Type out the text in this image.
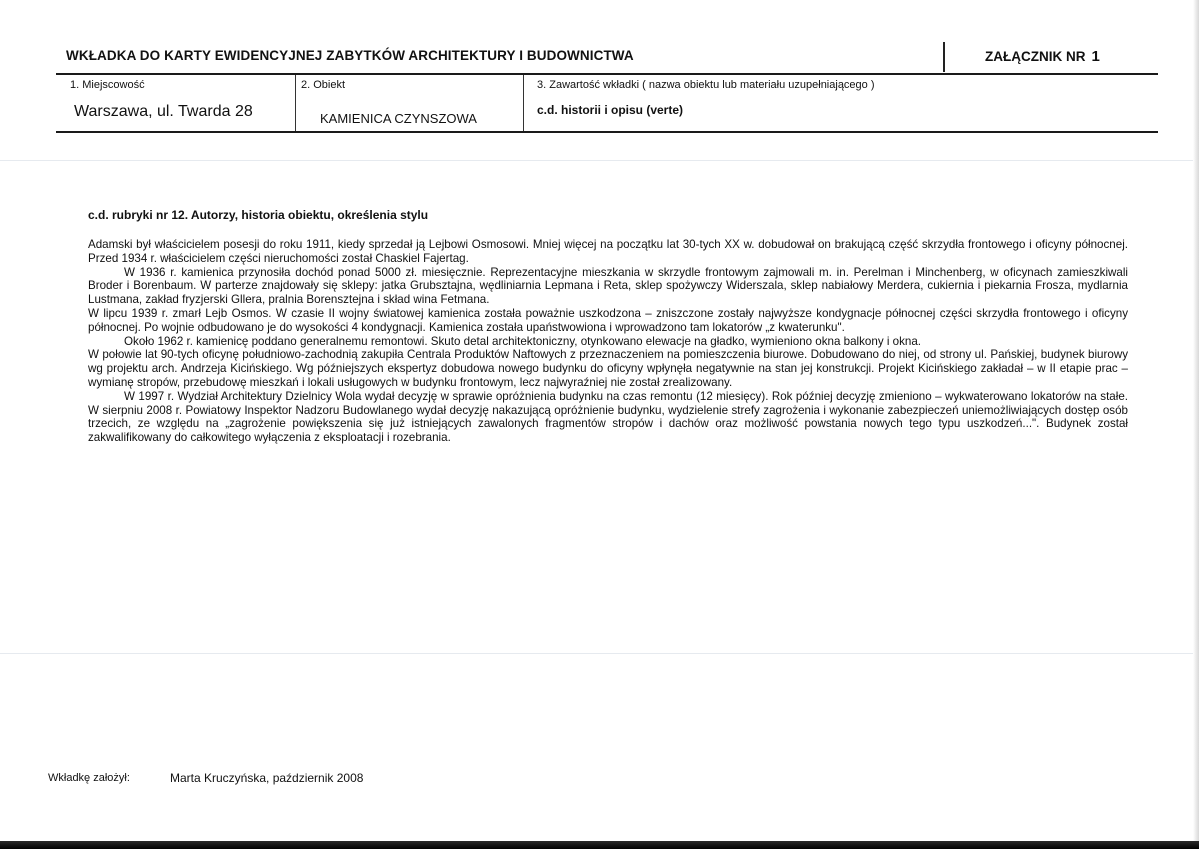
WKŁADKA DO KARTY EWIDENCYJNEJ ZABYTKÓW ARCHITEKTURY I BUDOWNICTWA	ZAŁĄCZNIK NR 1
1. Miejscowość
Warszawa, ul. Twarda 28
2. Obiekt
KAMIENICA CZYNSZOWA
3. Zawartość wkładki ( nazwa obiektu lub materiału uzupełniającego )
c.d. historii i opisu (verte)
c.d. rubryki nr 12. Autorzy, historia obiektu, określenia stylu

Adamski był właścicielem posesji do roku 1911, kiedy sprzedał ją Lejbowi Osmosowi. Mniej więcej na początku lat 30-tych XX w. dobudował on brakującą część skrzydła frontowego i oficyny północnej. Przed 1934 r. właścicielem części nieruchomości został Chaskiel Fajertag.

W 1936 r. kamienica przynosiła dochód ponad 5000 zł. miesięcznie. Reprezentacyjne mieszkania w skrzydle frontowym zajmowali m. in. Perelman i Minchenberg, w oficynach zamieszkiwali Broder i Borenbaum. W parterze znajdowały się sklepy: jatka Grubsztajna, wędliniarnia Lepmana i Reta, sklep spożywczy Widerszala, sklep nabiałowy Merdera, cukiernia i piekarnia Frosza, mydlarnia Lustmana, zakład fryzjerski Gllera, pralnia Borensztejna i skład wina Fetmana.

W lipcu 1939 r. zmarł Lejb Osmos. W czasie II wojny światowej kamienica została poważnie uszkodzona – zniszczone zostały najwyższe kondygnacje północnej części skrzydła frontowego i oficyny północnej. Po wojnie odbudowano je do wysokości 4 kondygnacji. Kamienica została upaństwowiona i wprowadzono tam lokatorów „z kwaterunku".

Około 1962 r. kamienicę poddano generalnemu remontowi. Skuto detal architektoniczny, otynkowano elewacje na gładko, wymieniono okna balkony i okna.

W połowie lat 90-tych oficynę południowo-zachodnią zakupiła Centrala Produktów Naftowych z przeznaczeniem na pomieszczenia biurowe. Dobudowano do niej, od strony ul. Pańskiej, budynek biurowy wg projektu arch. Andrzeja Kicińskiego. Wg późniejszych ekspertyz dobudowa nowego budynku do oficyny wpłynęła negatywnie na stan jej konstrukcji. Projekt Kicińskiego zakładał – w II etapie prac – wymianę stropów, przebudowę mieszkań i lokali usługowych w budynku frontowym, lecz najwyraźniej nie został zrealizowany.

W 1997 r. Wydział Architektury Dzielnicy Wola wydał decyzję w sprawie opróżnienia budynku na czas remontu (12 miesięcy). Rok później decyzję zmieniono – wykwaterowano lokatorów na stałe. W sierpniu 2008 r. Powiatowy Inspektor Nadzoru Budowlanego wydał decyzję nakazującą opróżnienie budynku, wydzielenie strefy zagrożenia i wykonanie zabezpieczeń uniemożliwiających dostęp osób trzecich, ze względu na „zagrożenie powiększenia się już istniejących zawalonych fragmentów stropów i dachów oraz możliwość powstania nowych tego typu uszkodzeń...". Budynek został zakwalifikowany do całkowitego wyłączenia z eksploatacji i rozebrania.

Wkładkę założył:	Marta Kruczyńska, październik 2008
